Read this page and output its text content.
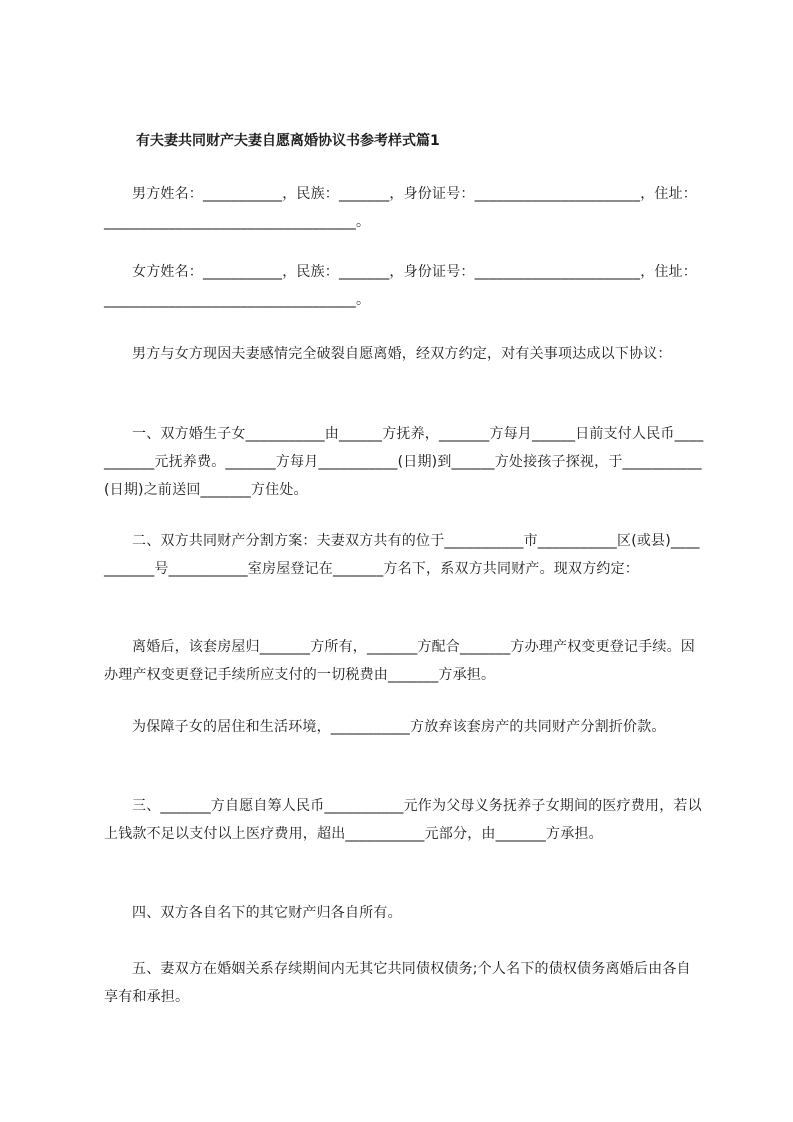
有夫妻共同财产夫妻自愿离婚协议书参考样式篇1
男方姓名：___________，民族：_______，身份证号：_______________________，住址：___________________________________。
女方姓名：___________，民族：_______，身份证号：_______________________，住址：___________________________________。
男方与女方现因夫妻感情完全破裂自愿离婚，经双方约定，对有关事项达成以下协议：
一、双方婚生子女___________由______方抚养，_______方每月______日前支付人民币___________元抚养费。_______方每月___________(日期)到______方处接孩子探视，于___________(日期)之前送回_______方住处。
二、双方共同财产分割方案：夫妻双方共有的位于___________市___________区(或县)___________号___________室房屋登记在_______方名下，系双方共同财产。现双方约定：
离婚后，该套房屋归_______方所有，_______方配合_______方办理产权变更登记手续。因办理产权变更登记手续所应支付的一切税费由_______方承担。
为保障子女的居住和生活环境，___________方放弃该套房产的共同财产分割折价款。
三、_______方自愿自筹人民币___________元作为父母义务抚养子女期间的医疗费用，若以上钱款不足以支付以上医疗费用，超出___________元部分，由_______方承担。
四、双方各自名下的其它财产归各自所有。
五、妻双方在婚姻关系存续期间内无其它共同债权债务;个人名下的债权债务离婚后由各自享有和承担。
